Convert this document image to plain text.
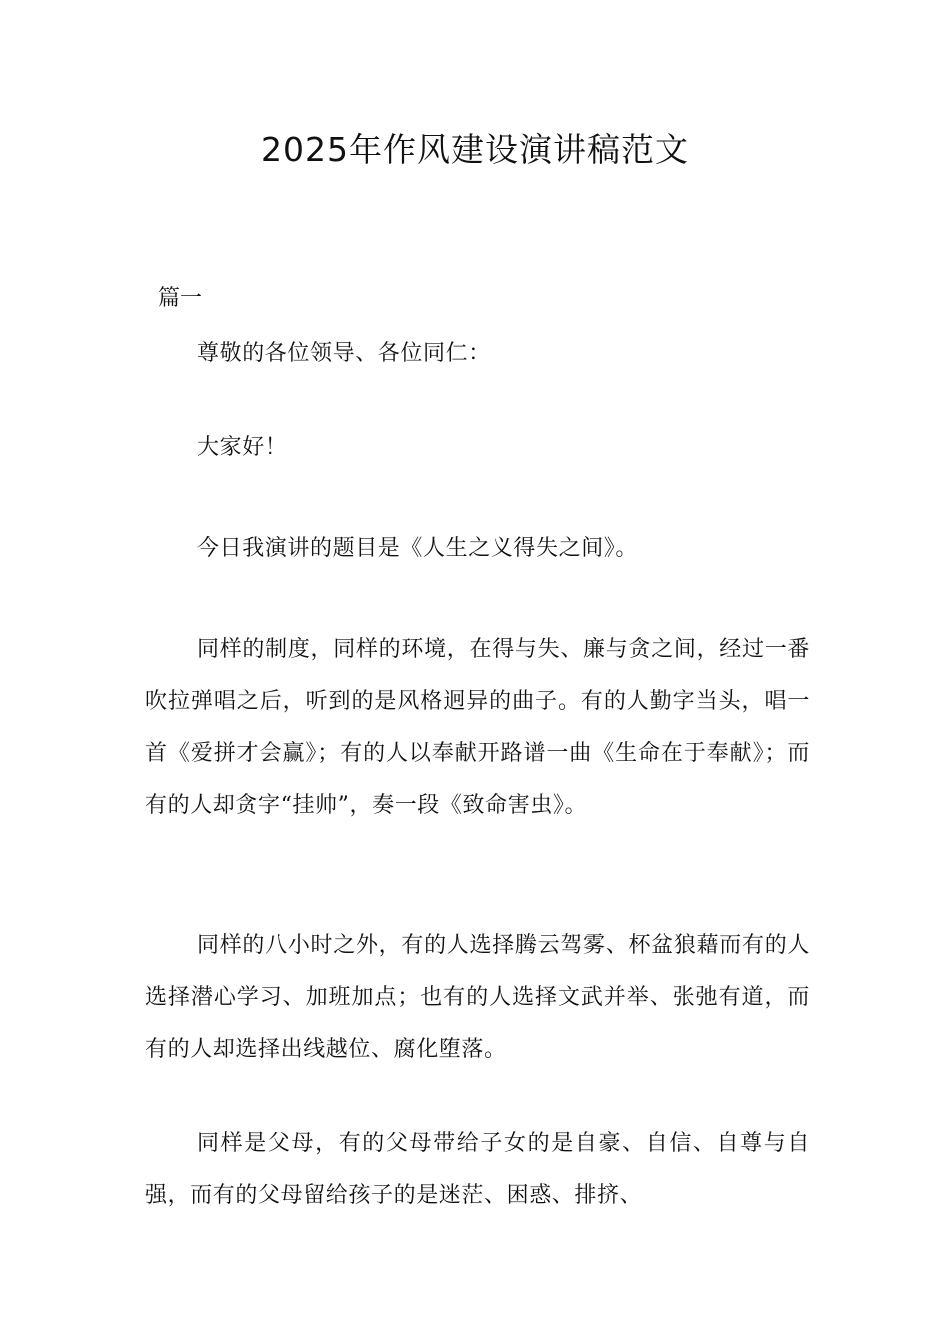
2025年作风建设演讲稿范文

篇一

尊敬的各位领导、各位同仁：

大家好！

今日我演讲的题目是《人生之义得失之间》。

同样的制度，同样的环境，在得与失、廉与贪之间，经过一番吹拉弹唱之后，听到的是风格迥异的曲子。有的人勤字当头，唱一首《爱拼才会赢》；有的人以奉献开路谱一曲《生命在于奉献》；而有的人却贪字“挂帅”，奏一段《致命害虫》。

同样的八小时之外，有的人选择腾云驾雾、杯盆狼藉而有的人选择潜心学习、加班加点；也有的人选择文武并举、张弛有道，而有的人却选择出线越位、腐化堕落。

同样是父母，有的父母带给子女的是自豪、自信、自尊与自强，而有的父母留给孩子的是迷茫、困惑、排挤、
